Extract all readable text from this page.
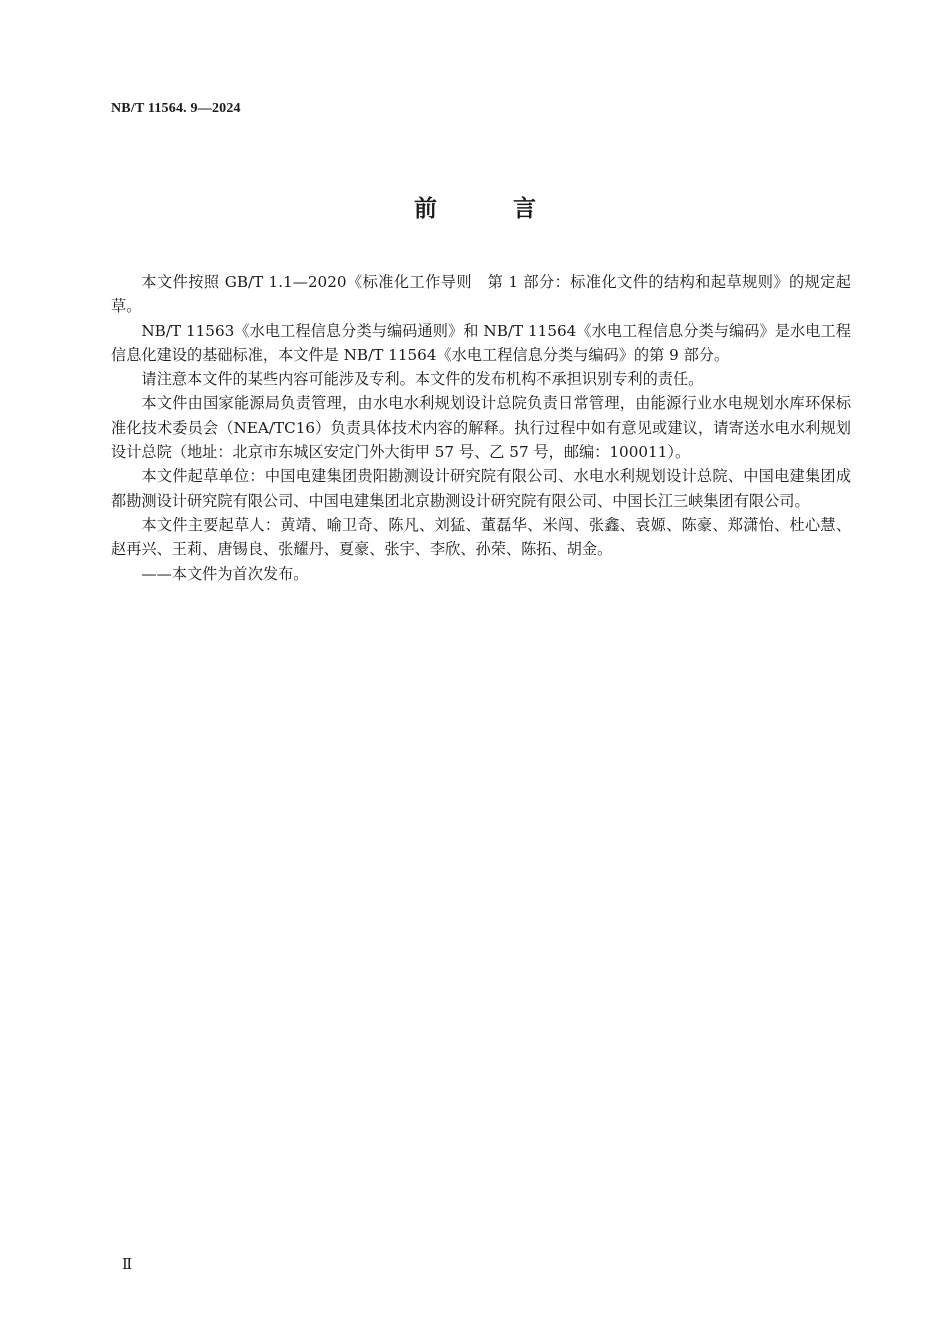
NB/T 11564. 9—2024
前 言

本文件按照 GB/T 1.1—2020《标准化工作导则　第 1 部分：标准化文件的结构和起草规则》的规定起草。

NB/T 11563《水电工程信息分类与编码通则》和 NB/T 11564《水电工程信息分类与编码》是水电工程信息化建设的基础标准，本文件是 NB/T 11564《水电工程信息分类与编码》的第 9 部分。

请注意本文件的某些内容可能涉及专利。本文件的发布机构不承担识别专利的责任。

本文件由国家能源局负责管理，由水电水利规划设计总院负责日常管理，由能源行业水电规划水库环保标准化技术委员会（NEA/TC16）负责具体技术内容的解释。执行过程中如有意见或建议，请寄送水电水利规划设计总院（地址：北京市东城区安定门外大街甲 57 号、乙 57 号，邮编：100011）。

本文件起草单位：中国电建集团贵阳勘测设计研究院有限公司、水电水利规划设计总院、中国电建集团成都勘测设计研究院有限公司、中国电建集团北京勘测设计研究院有限公司、中国长江三峡集团有限公司。

本文件主要起草人：黄靖、喻卫奇、陈凡、刘猛、董磊华、米闯、张鑫、袁嫄、陈豪、郑潇怡、杜心慧、赵再兴、王莉、唐锡良、张耀丹、夏豪、张宇、李欣、孙荣、陈拓、胡金。

——本文件为首次发布。

Ⅱ
